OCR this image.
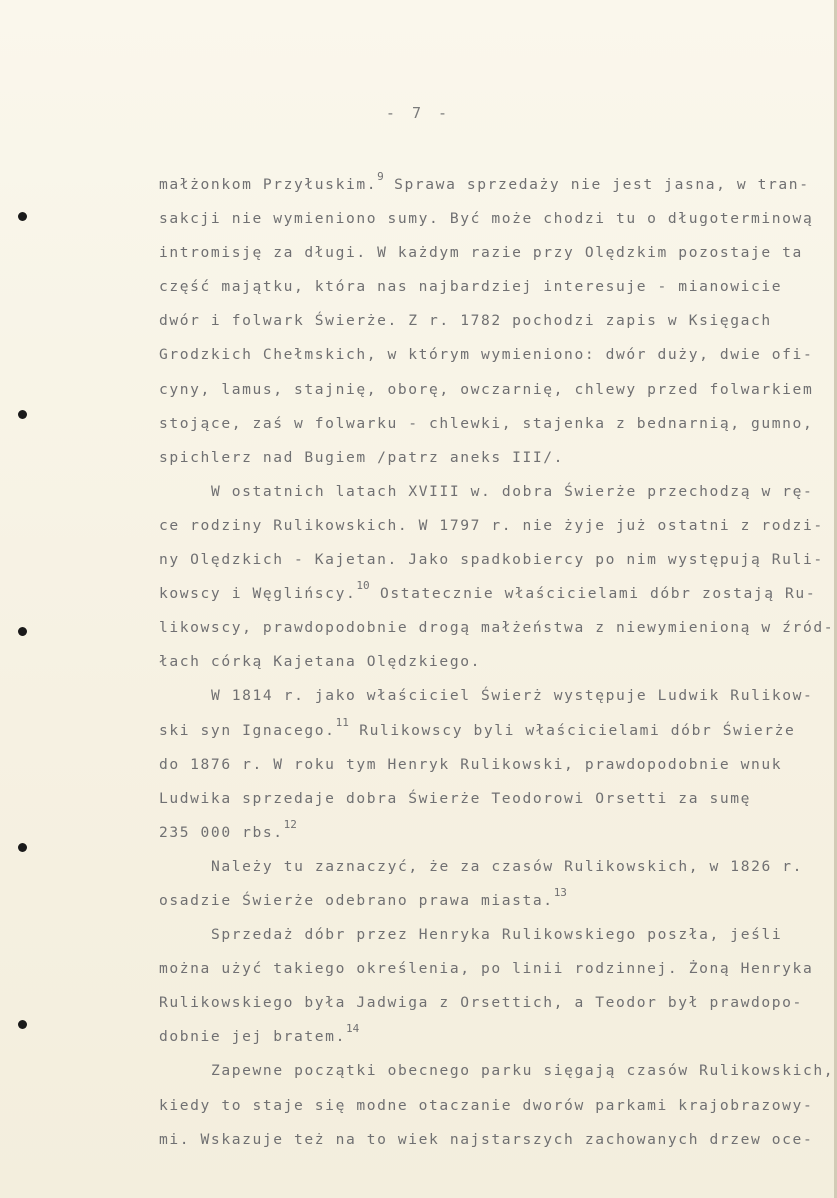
- 7 -
małżonkom Przyłuskim.$^9$ Sprawa sprzedaży nie jest jasna, w tran-
sakcji nie wymieniono sumy. Być może chodzi tu o długoterminową
intromisję za długi. W każdym razie przy Olędzkim pozostaje ta
część majątku, która nas najbardziej interesuje - mianowicie
dwór i folwark Świerże. Z r. 1782 pochodzi zapis w Księgach
Grodzkich Chełmskich, w którym wymieniono: dwór duży, dwie ofi-
cyny, lamus, stajnię, oborę, owczarnię, chlewy przed folwarkiem
stojące, zaś w folwarku - chlewki, stajenka z bednarnią, gumno,
spichlerz nad Bugiem /patrz aneks III/.
W ostatnich latach XVIII w. dobra Świerże przechodzą w rę-
ce rodziny Rulikowskich. W 1797 r. nie żyje już ostatni z rodzi-
ny Olędzkich - Kajetan. Jako spadkobiercy po nim występują Ruli-
kowscy i Węglińscy.$^{10}$ Ostatecznie właścicielami dóbr zostają Ru-
likowscy, prawdopodobnie drogą małżeństwa z niewymienioną w źród-
łach córką Kajetana Olędzkiego.
W 1814 r. jako właściciel Świerż występuje Ludwik Rulikow-
ski syn Ignacego.$^{11}$ Rulikowscy byli właścicielami dóbr Świerże
do 1876 r. W roku tym Henryk Rulikowski, prawdopodobnie wnuk
Ludwika sprzedaje dobra Świerże Teodorowi Orsetti za sumę
235 000 rbs.$^{12}$
Należy tu zaznaczyć, że za czasów Rulikowskich, w 1826 r.
osadzie Świerże odebrano prawa miasta.$^{13}$
Sprzedaż dóbr przez Henryka Rulikowskiego poszła, jeśli
można użyć takiego określenia, po linii rodzinnej. Żoną Henryka
Rulikowskiego była Jadwiga z Orsettich, a Teodor był prawdopo-
dobnie jej bratem.$^{14}$
Zapewne początki obecnego parku sięgają czasów Rulikowskich,
kiedy to staje się modne otaczanie dworów parkami krajobrazowy-
mi. Wskazuje też na to wiek najstarszych zachowanych drzew oce-
